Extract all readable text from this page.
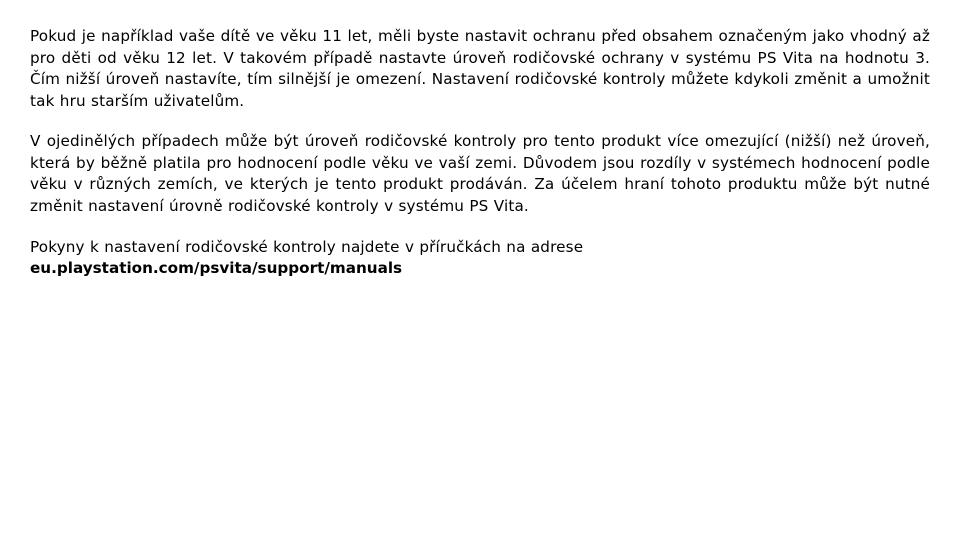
Pokud je například vaše dítě ve věku 11 let, měli byste nastavit ochranu před obsahem označeným jako vhodný až pro děti od věku 12 let. V takovém případě nastavte úroveň rodičovské ochrany v systému PS Vita na hodnotu 3. Čím nižší úroveň nastavíte, tím silnější je omezení. Nastavení rodičovské kontroly můžete kdykoli změnit a umožnit tak hru starším uživatelům.

V ojedinělých případech může být úroveň rodičovské kontroly pro tento produkt více omezující (nižší) než úroveň, která by běžně platila pro hodnocení podle věku ve vaší zemi. Důvodem jsou rozdíly v systémech hodnocení podle věku v různých zemích, ve kterých je tento produkt prodáván. Za účelem hraní tohoto produktu může být nutné změnit nastavení úrovně rodičovské kontroly v systému PS Vita.

Pokyny k nastavení rodičovské kontroly najdete v příručkách na adrese

eu.playstation.com/psvita/support/manuals
